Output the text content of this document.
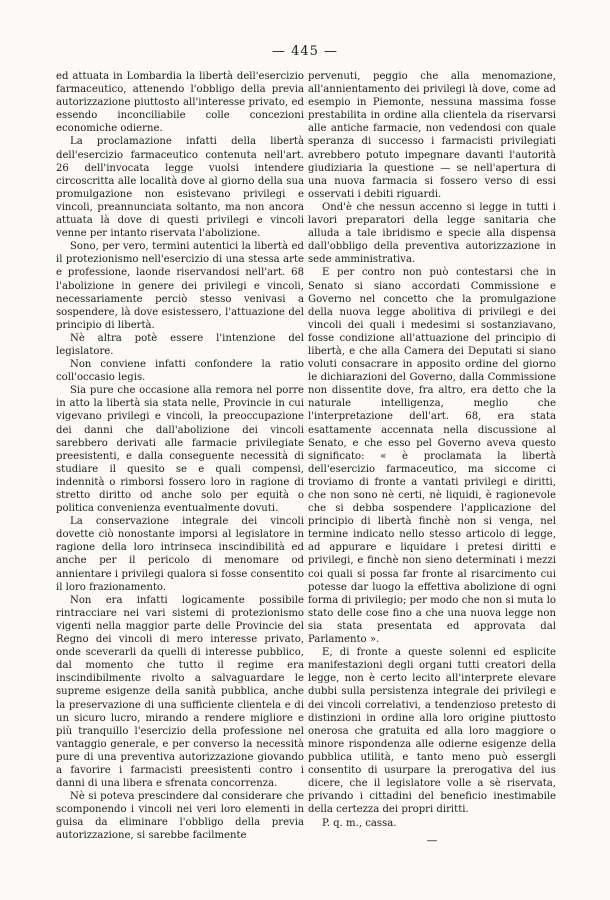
— 445 —

ed attuata in Lombardia la libertà dell'esercizio farmaceutico, attenendo l'obbligo della previa autorizzazione piuttosto all'interesse privato, ed essendo inconciliabile colle concezioni economiche odierne.

La proclamazione infatti della libertà dell'esercizio farmaceutico contenuta nell'art. 26 dell'invocata legge vuolsi intendere circoscritta alle località dove al giorno della sua promulgazione non esistevano privilegi e vincoli, preannunciata soltanto, ma non ancora attuata là dove di questi privilegi e vincoli venne per intanto riservata l'abolizione.

Sono, per vero, termini autentici la libertà ed il protezionismo nell'esercizio di una stessa arte e professione, laonde riservandosi nell'art. 68 l'abolizione in genere dei privilegi e vincoli, necessariamente perciò stesso venivasi a sospendere, là dove esistessero, l'attuazione del principio di libertà.

Nè altra potè essere l'intenzione del legislatore.

Non conviene infatti confondere la ratio coll'occasio legis.

Sia pure che occasione alla remora nel porre in atto la libertà sia stata nelle, Provincie in cui vigevano privilegi e vincoli, la preoccupazione dei danni che dall'abolizione dei vincoli sarebbero derivati alle farmacie privilegiate preesistenti, e dalla conseguente necessità di studiare il quesito se e quali compensi, indennità o rimborsi fossero loro in ragione di stretto diritto od anche solo per equità o politica convenienza eventualmente dovuti.

La conservazione integrale dei vincoli dovette ciò nonostante imporsi al legislatore in ragione della loro intrinseca inscindibilità ed anche per il pericolo di menomare od annientare i privilegi qualora si fosse consentito il loro frazionamento.

Non era infatti logicamente possibile rintracciare nei vari sistemi di protezionismo vigenti nella maggior parte delle Provincie del Regno dei vincoli di mero interesse privato, onde sceverarli da quelli di interesse pubblico, dal momento che tutto il regime era inscindibilmente rivolto a salvaguardare le supreme esigenze della sanità pubblica, anche la preservazione di una sufficiente clientela e di un sicuro lucro, mirando a rendere migliore e più tranquillo l'esercizio della professione nel vantaggio generale, e per converso la necessità pure di una preventiva autorizzazione giovando a favorire i farmacisti preesistenti contro i danni di una libera e sfrenata concorrenza.

Nè si poteva prescindere dal considerare che scomponendo i vincoli nei veri loro elementi in guisa da eliminare l'obbligo della previa autorizzazione, si sarebbe facilmente

pervenuti, peggio che alla menomazione, all'annientamento dei privilegi là dove, come ad esempio in Piemonte, nessuna massima fosse prestabilita in ordine alla clientela da riservarsi alle antiche farmacie, non vedendosi con quale speranza di successo i farmacisti privilegiati avrebbero potuto impegnare davanti l'autorità giudiziaria la questione — se nell'apertura di una nuova farmacia si fossero verso di essi osservati i debiti riguardi.

Ond'è che nessun accenno si legge in tutti i lavori preparatori della legge sanitaria che alluda a tale ibridismo e specie alla dispensa dall'obbligo della preventiva autorizzazione in sede amministrativa.

E per contro non può contestarsi che in Senato si siano accordati Commissione e Governo nel concetto che la promulgazione della nuova legge abolitiva di privilegi e dei vincoli dei quali i medesimi si sostanziavano, fosse condizione all'attuazione del principio di libertà, e che alla Camera dei Deputati si siano voluti consacrare in apposito ordine del giorno le dichiarazioni del Governo, dalla Commissione non dissentite dove, fra altro, era detto che la naturale intelligenza, meglio che l'interpretazione dell'art. 68, era stata esattamente accennata nella discussione al Senato, e che esso pel Governo aveva questo significato: « è proclamata la libertà dell'esercizio farmaceutico, ma siccome ci troviamo di fronte a vantati privilegi e diritti, che non sono nè certi, nè liquidi, è ragionevole che si debba sospendere l'applicazione del principio di libertà finchè non si venga, nel termine indicato nello stesso articolo di legge, ad appurare e liquidare i pretesi diritti e privilegi, e finchè non sieno determinati i mezzi coi quali si possa far fronte al risarcimento cui potesse dar luogo la effettiva abolizione di ogni forma di privilegio; per modo che non si muta lo stato delle cose fino a che una nuova legge non sia stata presentata ed approvata dal Parlamento ».

E, di fronte a queste solenni ed esplicite manifestazioni degli organi tutti creatori della legge, non è certo lecito all'interprete elevare dubbi sulla persistenza integrale dei privilegi e dei vincoli correlativi, a tendenzioso pretesto di distinzioni in ordine alla loro origine piuttosto onerosa che gratuita ed alla loro maggiore o minore rispondenza alle odierne esigenze della pubblica utilità, e tanto meno può essergli consentito di usurpare la prerogativa del ius dicere, che il legislatore volle a sè riservata, privando i cittadini del beneficio inestimabile della certezza dei propri diritti.

P. q. m., cassa.

—
